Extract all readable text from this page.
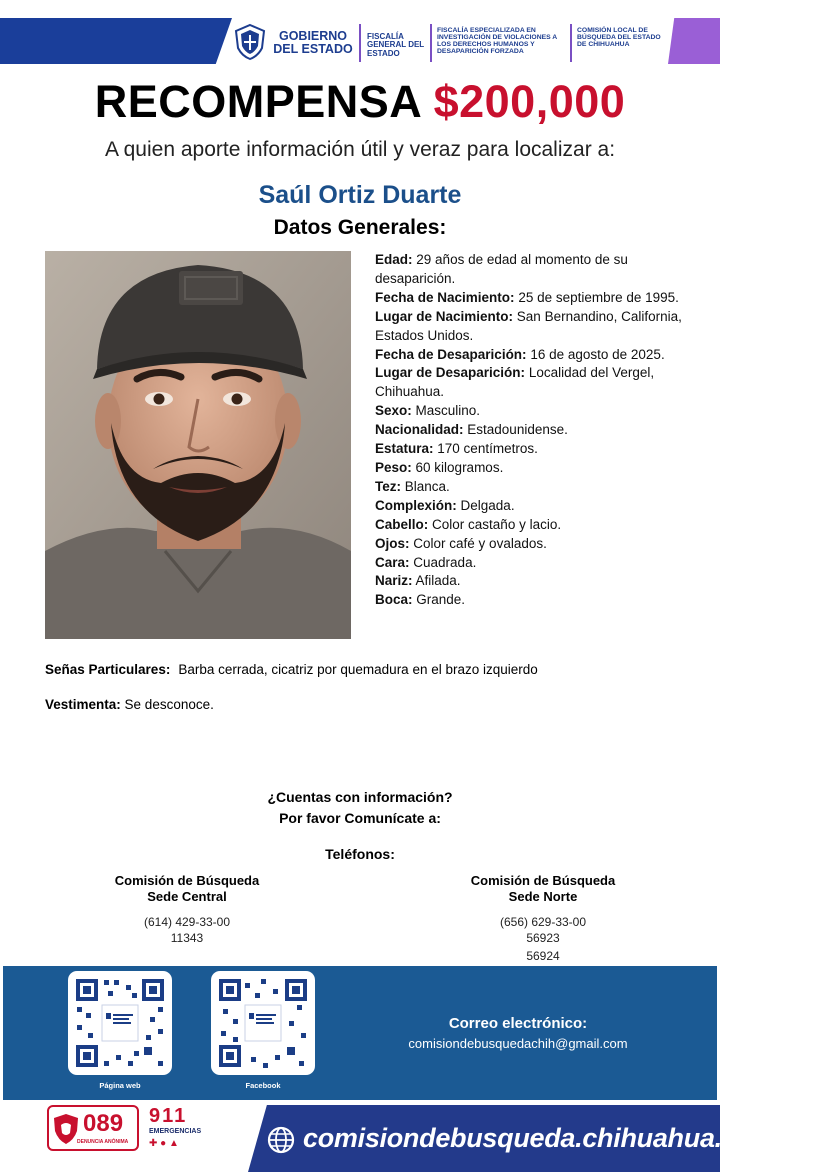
GOBIERNO DEL ESTADO
FISCALÍA GENERAL DEL ESTADO
FISCALÍA ESPECIALIZADA EN INVESTIGACIÓN DE VIOLACIONES A LOS DERECHOS HUMANOS Y DESAPARICIÓN FORZADA
COMISIÓN LOCAL DE BÚSQUEDA DEL ESTADO DE CHIHUAHUA
RECOMPENSA $200,000
A quien aporte información útil y veraz para localizar a:
Saúl Ortiz Duarte
Datos Generales:
Edad: 29 años de edad al momento de su desaparición.
Fecha de Nacimiento: 25 de septiembre de 1995.
Lugar de Nacimiento: San Bernandino, California, Estados Unidos.
Fecha de Desaparición: 16 de agosto de 2025.
Lugar de Desaparición: Localidad del Vergel, Chihuahua.
Sexo: Masculino.
Nacionalidad: Estadounidense.
Estatura: 170 centímetros.
Peso: 60 kilogramos.
Tez: Blanca.
Complexión: Delgada.
Cabello: Color castaño y lacio.
Ojos: Color café y ovalados.
Cara: Cuadrada.
Nariz: Afilada.
Boca: Grande.
Señas Particulares: Barba cerrada, cicatriz por quemadura en el brazo izquierdo
Vestimenta: Se desconoce.
¿Cuentas con información?
Por favor Comunícate a:
Teléfonos:
Comisión de Búsqueda
Sede Central
(614) 429-33-00
11343
Comisión de Búsqueda
Sede Norte
(656) 629-33-00
56923
56924
Página web	Facebook
Correo electrónico:
comisiondebusquedachih@gmail.com
089
DENUNCIA ANÓNIMA
911
EMERGENCIAS
✚ ● ▲	comisiondebusqueda.chihuahua.gob.mx
